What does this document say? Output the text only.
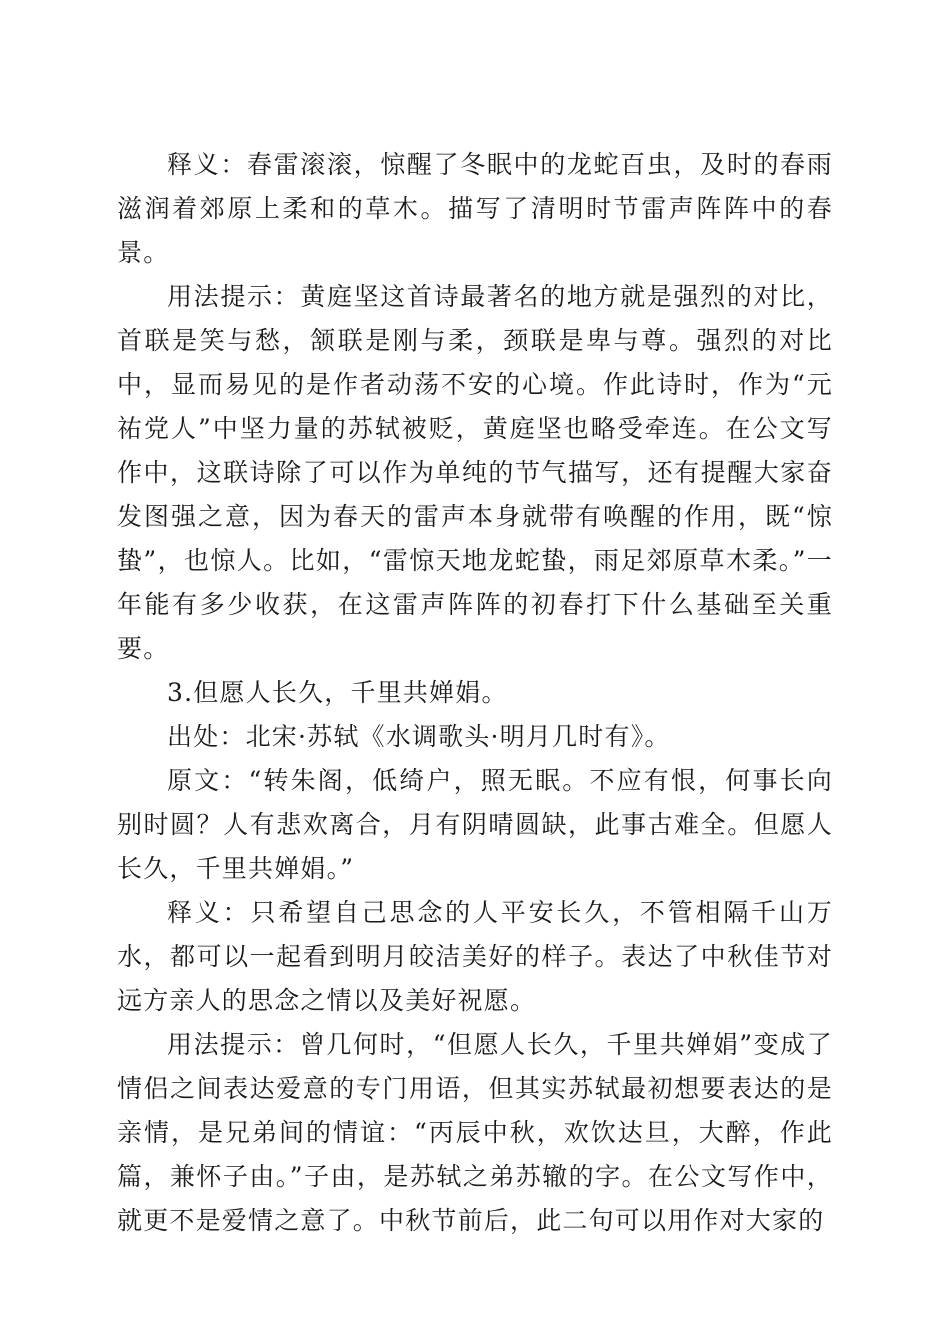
释义：春雷滚滚，惊醒了冬眠中的龙蛇百虫，及时的春雨滋润着郊原上柔和的草木。描写了清明时节雷声阵阵中的春景。

用法提示：黄庭坚这首诗最著名的地方就是强烈的对比，首联是笑与愁，颔联是刚与柔，颈联是卑与尊。强烈的对比中，显而易见的是作者动荡不安的心境。作此诗时，作为“元祐党人”中坚力量的苏轼被贬，黄庭坚也略受牵连。在公文写作中，这联诗除了可以作为单纯的节气描写，还有提醒大家奋发图强之意，因为春天的雷声本身就带有唤醒的作用，既“惊蛰”，也惊人。比如，“雷惊天地龙蛇蛰，雨足郊原草木柔。”一年能有多少收获，在这雷声阵阵的初春打下什么基础至关重要。

3.但愿人长久，千里共婵娟。

出处：北宋·苏轼《水调歌头·明月几时有》。

原文：“转朱阁，低绮户，照无眠。不应有恨，何事长向别时圆？人有悲欢离合，月有阴晴圆缺，此事古难全。但愿人长久，千里共婵娟。”

释义：只希望自己思念的人平安长久，不管相隔千山万水，都可以一起看到明月皎洁美好的样子。表达了中秋佳节对远方亲人的思念之情以及美好祝愿。

用法提示：曾几何时，“但愿人长久，千里共婵娟”变成了情侣之间表达爱意的专门用语，但其实苏轼最初想要表达的是亲情，是兄弟间的情谊：“丙辰中秋，欢饮达旦，大醉，作此篇，兼怀子由。”子由，是苏轼之弟苏辙的字。在公文写作中，就更不是爱情之意了。中秋节前后，此二句可以用作对大家的
